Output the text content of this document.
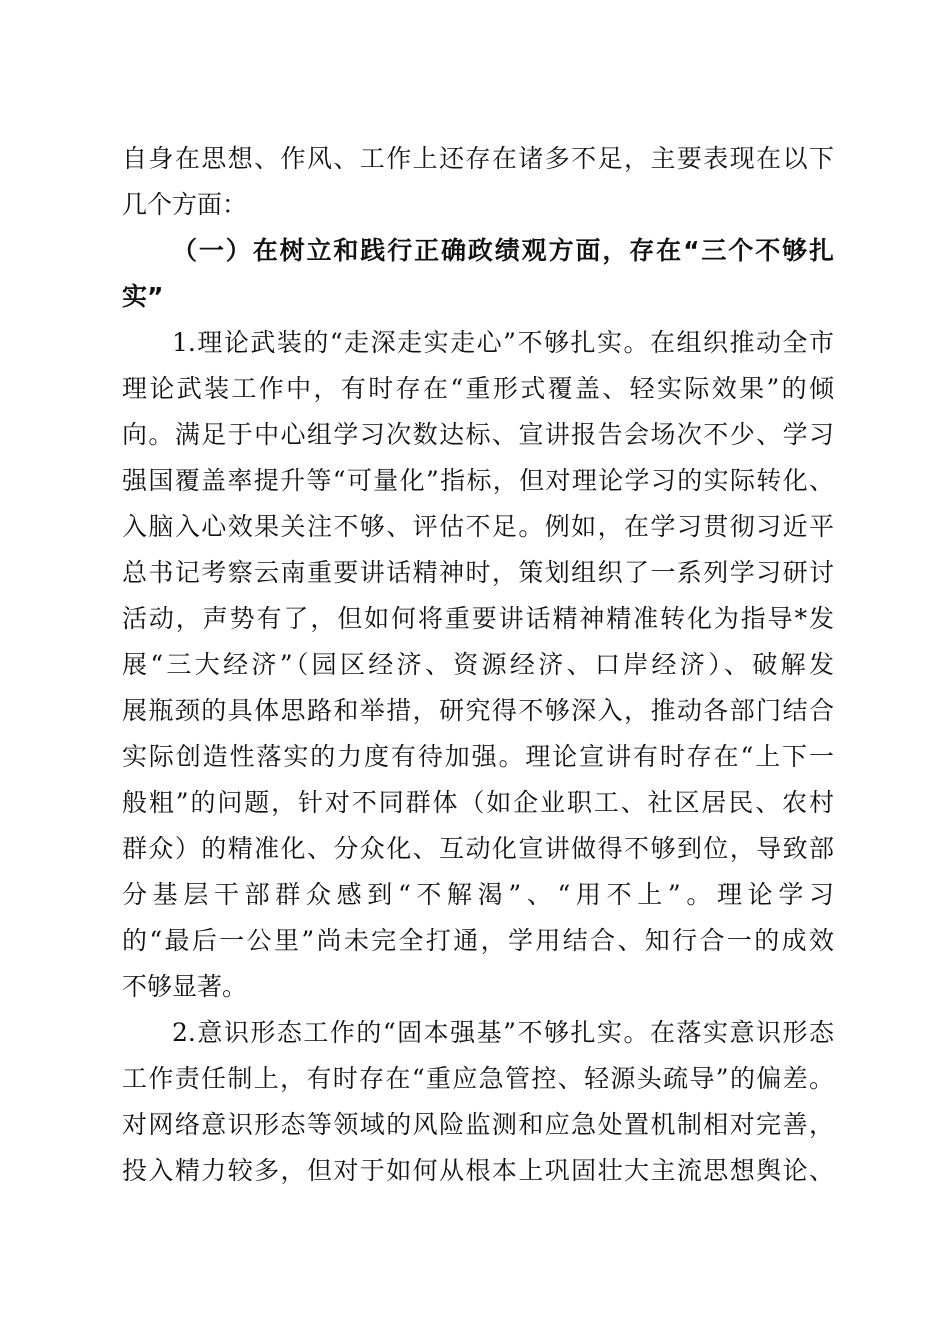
自身在思想、作风、工作上还存在诸多不足，主要表现在以下
几个方面：
（一）在树立和践行正确政绩观方面，存在“三个不够扎
实”
1.理论武装的“走深走实走心”不够扎实。在组织推动全市
理论武装工作中，有时存在“重形式覆盖、轻实际效果”的倾
向。满足于中心组学习次数达标、宣讲报告会场次不少、学习
强国覆盖率提升等“可量化”指标，但对理论学习的实际转化、
入脑入心效果关注不够、评估不足。例如，在学习贯彻习近平
总书记考察云南重要讲话精神时，策划组织了一系列学习研讨
活动，声势有了，但如何将重要讲话精神精准转化为指导*发
展“三大经济”（园区经济、资源经济、口岸经济）、破解发
展瓶颈的具体思路和举措，研究得不够深入，推动各部门结合
实际创造性落实的力度有待加强。理论宣讲有时存在“上下一
般粗”的问题，针对不同群体（如企业职工、社区居民、农村
群众）的精准化、分众化、互动化宣讲做得不够到位，导致部
分基层干部群众感到“不解渴”、“用不上”。理论学习
的“最后一公里”尚未完全打通，学用结合、知行合一的成效
不够显著。
2.意识形态工作的“固本强基”不够扎实。在落实意识形态
工作责任制上，有时存在“重应急管控、轻源头疏导”的偏差。
对网络意识形态等领域的风险监测和应急处置机制相对完善，
投入精力较多，但对于如何从根本上巩固壮大主流思想舆论、
